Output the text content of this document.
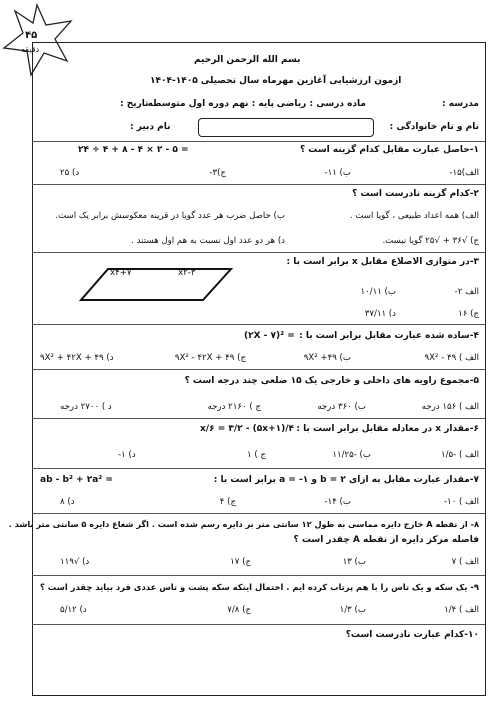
۴۵
دقیقه
بسم الله الرحمن الرحیم
ازمون ارزشیابی آغازین مهرماه سال تحصیلی ۱۴۰۵-۱۴۰۴
مدرسه :
ماده درسی : ریاضی
پایه : نهم دوره اول متوسطه
تاریخ :
نام و نام خانوادگی :
نام دبیر :
۱-حاصل عبارت مقابل کدام گزینه است ؟
۲۴ ÷ ۴ + ۸ - ۴ × ۲ - ۵ =
الف)۱۵-
ب) ۱۱-
ج)۳-
د) ۲۵
۲-کدام گزینه نادرست است ؟
الف) همه اعداد طبیعی ، گویا است .
ب) حاصل ضرب هر عدد گویا در قرینه معکوسش برابر یک است.
ج) √۳۶ + √۲۵ گویا نیست.
د) هر دو عدد اول نسبت به هم اول هستند .
۳-در متوازی الاضلاع مقابل x برابر است با :
۷+x۴	۳-x۲
الف ۲-
ب) ۱۰/۱۱
ج) ۱۶
د) ۳۷/۱۱
۴-ساده شده عبارت مقابل برابر است با :
(۲X - ۷)² =
الف ) ۴۹ - ۹X²
ب) ۴۹+ ۹X²
ج) ۹X² - ۴۲X + ۴۹
د) ۹X² + ۴۲X + ۴۹
۵-مجموع زاویه های داخلی و خارجی یک ۱۵ ضلعی چند درجه است ؟
الف ) ۱۵۶ درجه
ب) ۳۶۰ درجه
ج ) ۲۱۶۰ درجه
د ) ۲۷۰۰ درجه
۶-مقدار x در معادله مقابل برابر است با :
x/۶ = ۳/۲ - (۵x+۱)/۴
الف ) -۱/۵
ب) -۱۱/۲۵
ج ) ۱
د) ۱-
۷-مقدار عبارت مقابل به ازای b = ۲ و a = -۱ برابر است با :
ab - b² + ۲a² =
الف ) ۱۰-
ب) ۱۴-
ج) ۴
د) ۸
۸- از نقطه A خارج دایره مماسی به طول ۱۲ سانتی متر بر دایره رسم شده است . اگر شعاع دایره ۵ سانتی متر باشد .
فاصله مرکز دایره از نقطه A چقدر است ؟
الف ) ۷
ب) ۱۳
ج) ۱۷
د) √۱۱۹
۹- یک سکه و یک تاس را با هم پرتاب کرده ایم . احتمال اینکه سکه پشت و تاس عددی فرد بیاید چقدر است ؟
الف ) ۱/۴
ب) ۱/۳
ج) ۷/۸
د) ۵/۱۲
۱۰-کدام عبارت نادرست است؟
